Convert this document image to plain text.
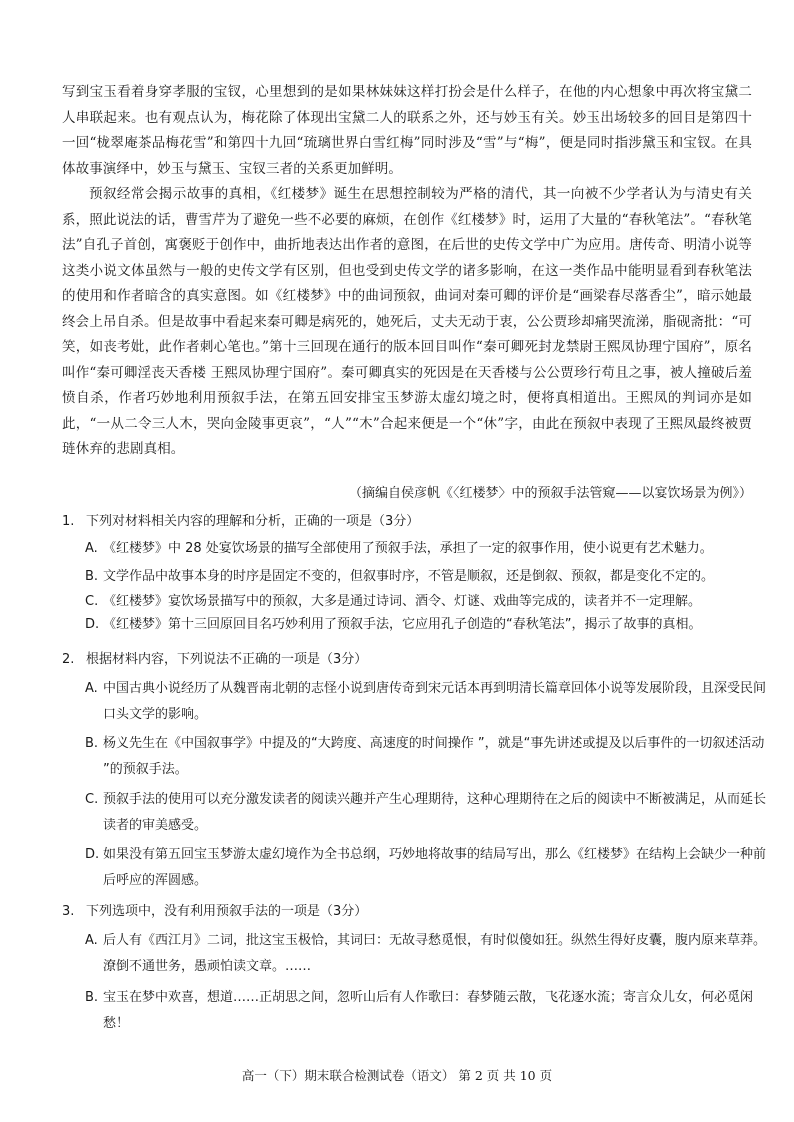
写到宝玉看着身穿孝服的宝钗，心里想到的是如果林妹妹这样打扮会是什么样子，在他的内心想象中再次将宝黛二人串联起来。也有观点认为，梅花除了体现出宝黛二人的联系之外，还与妙玉有关。妙玉出场较多的回目是第四十一回“栊翠庵茶品梅花雪”和第四十九回“琉璃世界白雪红梅”同时涉及“雪”与“梅”，便是同时指涉黛玉和宝钗。在具体故事演绎中，妙玉与黛玉、宝钗三者的关系更加鲜明。

预叙经常会揭示故事的真相，《红楼梦》诞生在思想控制较为严格的清代，其一向被不少学者认为与清史有关系，照此说法的话，曹雪芹为了避免一些不必要的麻烦，在创作《红楼梦》时，运用了大量的“春秋笔法”。“春秋笔法”自孔子首创，寓褒贬于创作中，曲折地表达出作者的意图，在后世的史传文学中广为应用。唐传奇、明清小说等这类小说文体虽然与一般的史传文学有区别，但也受到史传文学的诸多影响，在这一类作品中能明显看到春秋笔法的使用和作者暗含的真实意图。如《红楼梦》中的曲词预叙，曲词对秦可卿的评价是“画梁春尽落香尘”，暗示她最终会上吊自杀。但是故事中看起来秦可卿是病死的，她死后，丈夫无动于衷，公公贾珍却痛哭流涕，脂砚斋批：“可笑，如丧考妣，此作者刺心笔也。”第十三回现在通行的版本回目叫作“秦可卿死封龙禁尉王熙凤协理宁国府”，原名叫作“秦可卿淫丧天香楼 王熙凤协理宁国府”。秦可卿真实的死因是在天香楼与公公贾珍行苟且之事，被人撞破后羞愤自杀，作者巧妙地利用预叙手法，在第五回安排宝玉梦游太虚幻境之时，便将真相道出。王熙凤的判词亦是如此，“一从二令三人木，哭向金陵事更哀”，“人”“木”合起来便是一个“休”字，由此在预叙中表现了王熙凤最终被贾琏休弃的悲剧真相。

（摘编自侯彦帆《〈红楼梦〉中的预叙手法管窥——以宴饮场景为例》）
1. 下列对材料相关内容的理解和分析，正确的一项是（3分）
A. 《红楼梦》中 28 处宴饮场景的描写全部使用了预叙手法，承担了一定的叙事作用，使小说更有艺术魅力。
B. 文学作品中故事本身的时序是固定不变的，但叙事时序，不管是顺叙，还是倒叙、预叙，都是变化不定的。
C. 《红楼梦》宴饮场景描写中的预叙，大多是通过诗词、酒令、灯谜、戏曲等完成的，读者并不一定理解。
D. 《红楼梦》第十三回原回目名巧妙利用了预叙手法，它应用孔子创造的“春秋笔法”，揭示了故事的真相。
2. 根据材料内容，下列说法不正确的一项是（3分）
A. 中国古典小说经历了从魏晋南北朝的志怪小说到唐传奇到宋元话本再到明清长篇章回体小说等发展阶段，且深受民间口头文学的影响。
B. 杨义先生在《中国叙事学》中提及的“大跨度、高速度的时间操作 ”，就是“事先讲述或提及以后事件的一切叙述活动 ”的预叙手法。
C. 预叙手法的使用可以充分激发读者的阅读兴趣并产生心理期待，这种心理期待在之后的阅读中不断被满足，从而延长读者的审美感受。
D. 如果没有第五回宝玉梦游太虚幻境作为全书总纲，巧妙地将故事的结局写出，那么《红楼梦》在结构上会缺少一种前后呼应的浑圆感。
3. 下列选项中，没有利用预叙手法的一项是（3分）
A. 后人有《西江月》二词，批这宝玉极恰，其词曰：无故寻愁觅恨，有时似傻如狂。纵然生得好皮囊，腹内原来草莽。潦倒不通世务，愚顽怕读文章。……
B. 宝玉在梦中欢喜，想道……正胡思之间，忽听山后有人作歌曰：春梦随云散，飞花逐水流；寄言众儿女，何必觅闲愁！
高一（下）期末联合检测试卷（语文） 第 2 页 共 10 页
